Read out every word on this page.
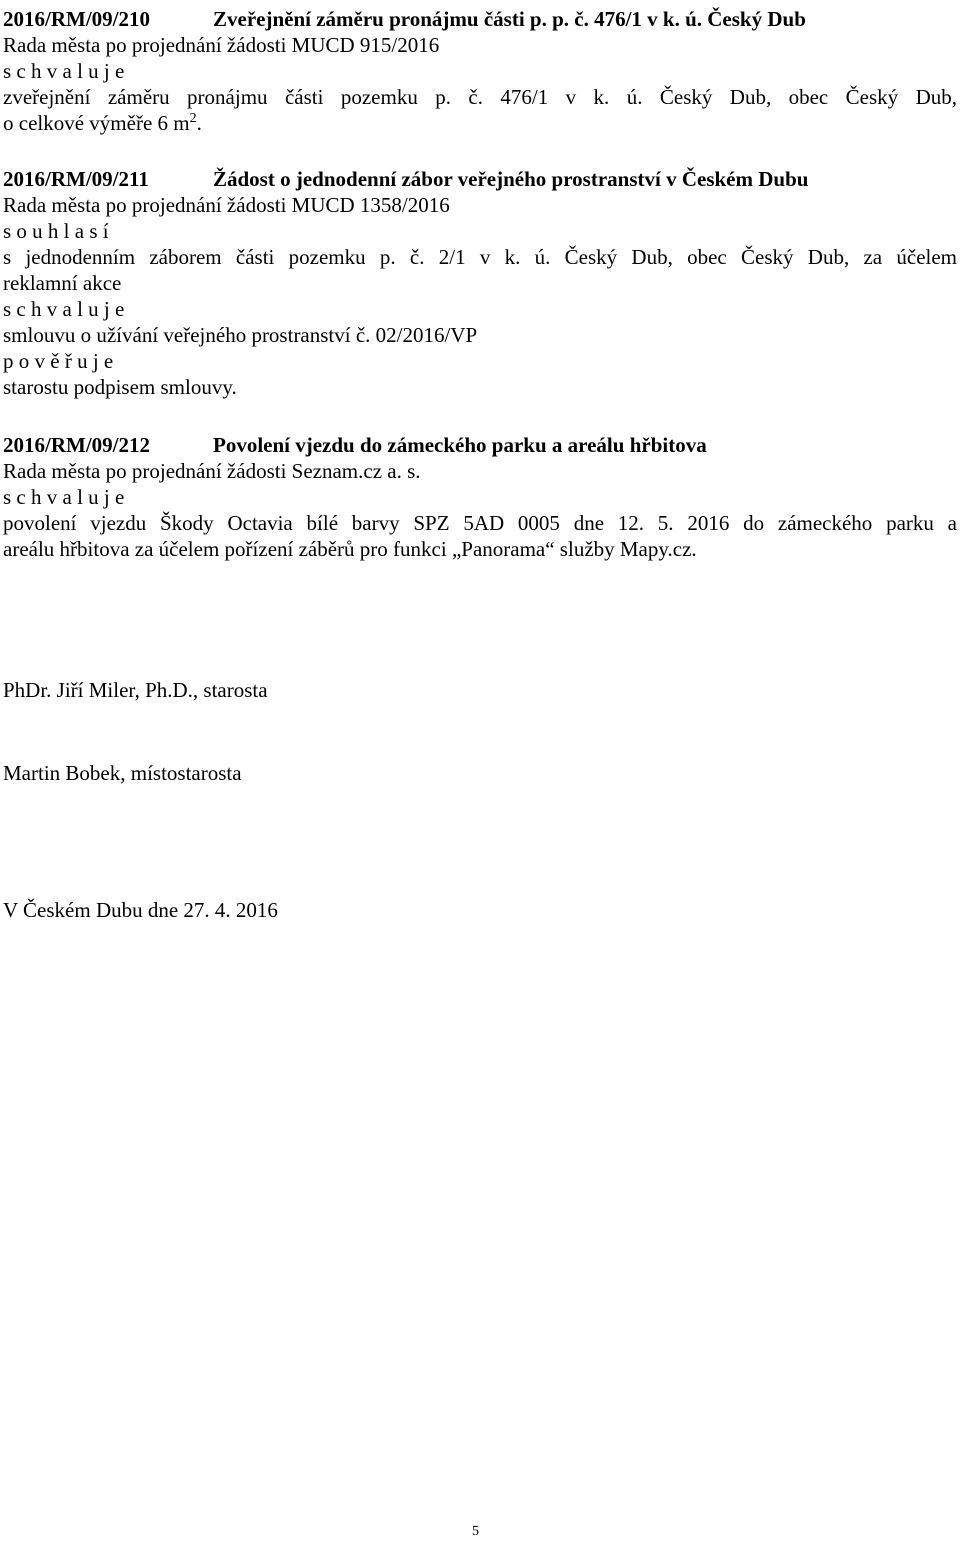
2016/RM/09/210	Zveřejnění záměru pronájmu části p. p. č. 476/1 v k. ú. Český Dub
Rada města po projednání žádosti MUCD 915/2016
s c h v a l u j e
zveřejnění záměru pronájmu části pozemku p. č. 476/1 v k. ú. Český Dub, obec Český Dub,
o celkové výměře 6 $m^2$.
2016/RM/09/211	Žádost o jednodenní zábor veřejného prostranství v Českém Dubu
Rada města po projednání žádosti MUCD 1358/2016
s o u h l a s í
s jednodenním záborem části pozemku p. č. 2/1 v k. ú. Český Dub, obec Český Dub, za účelem
reklamní akce
s c h v a l u j e
smlouvu o užívání veřejného prostranství č. 02/2016/VP
p o v ě ř u j e
starostu podpisem smlouvy.
2016/RM/09/212	Povolení vjezdu do zámeckého parku a areálu hřbitova
Rada města po projednání žádosti Seznam.cz a. s.
s c h v a l u j e
povolení vjezdu Škody Octavia bílé barvy SPZ 5AD 0005 dne 12. 5. 2016 do zámeckého parku a
areálu hřbitova za účelem pořízení záběrů pro funkci „Panorama“ služby Mapy.cz.
PhDr. Jiří Miler, Ph.D., starosta
Martin Bobek, místostarosta
V Českém Dubu dne 27. 4. 2016
5
